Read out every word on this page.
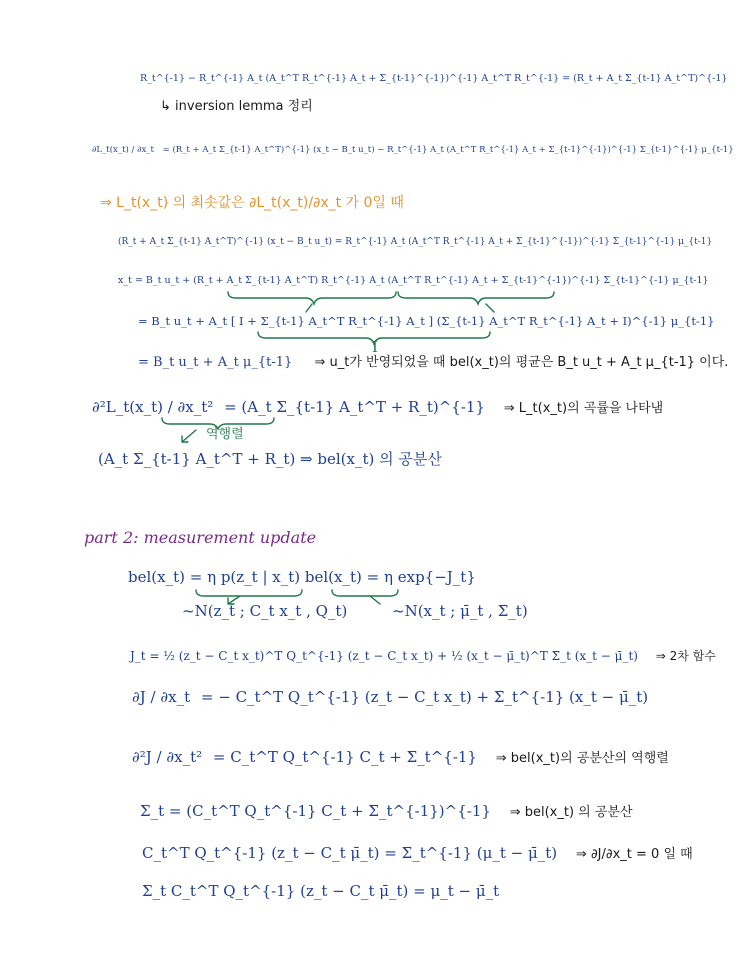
R_t^{-1} − R_t^{-1} A_t (A_t^T R_t^{-1} A_t + Σ_{t-1}^{-1})^{-1} A_t^T R_t^{-1} = (R_t + A_t Σ_{t-1} A_t^T)^{-1}
↳ inversion lemma 정리
∂L_t(x_t) / ∂x_t = (R_t + A_t Σ_{t-1} A_t^T)^{-1} (x_t − B_t u_t) − R_t^{-1} A_t (A_t^T R_t^{-1} A_t + Σ_{t-1}^{-1})^{-1} Σ_{t-1}^{-1} μ_{t-1}
⇒ L_t(x_t) 의 최솟값은 ∂L_t(x_t)/∂x_t 가 0일 때
(R_t + A_t Σ_{t-1} A_t^T)^{-1} (x_t − B_t u_t) = R_t^{-1} A_t (A_t^T R_t^{-1} A_t + Σ_{t-1}^{-1})^{-1} Σ_{t-1}^{-1} μ_{t-1}
x_t = B_t u_t + (R_t + A_t Σ_{t-1} A_t^T) R_t^{-1} A_t (A_t^T R_t^{-1} A_t + Σ_{t-1}^{-1})^{-1} Σ_{t-1}^{-1} μ_{t-1}
= B_t u_t + A_t [ I + Σ_{t-1} A_t^T R_t^{-1} A_t ] (Σ_{t-1} A_t^T R_t^{-1} A_t + I)^{-1} μ_{t-1}
I
= B_t u_t + A_t μ_{t-1} ⇒ u_t가 반영되었을 때 bel(x_t)의 평균은 B_t u_t + A_t μ_{t-1} 이다.
∂²L_t(x_t) / ∂x_t² = (A_t Σ_{t-1} A_t^T + R_t)^{-1} ⇒ L_t(x_t)의 곡률을 나타냄
역행렬
(A_t Σ_{t-1} A_t^T + R_t) ⇒ bel(x_t) 의 공분산
part 2: measurement update
bel(x_t) = η p(z_t | x_t) bel(x_t) = η exp{−J_t}
~N(z_t ; C_t x_t , Q_t)	~N(x_t ; μ̄_t , Σ̄_t)
J_t = ½ (z_t − C_t x_t)^T Q_t^{-1} (z_t − C_t x_t) + ½ (x_t − μ̄_t)^T Σ̄_t (x_t − μ̄_t) ⇒ 2차 함수
∂J / ∂x_t = − C_t^T Q_t^{-1} (z_t − C_t x_t) + Σ̄_t^{-1} (x_t − μ̄_t)
∂²J / ∂x_t² = C_t^T Q_t^{-1} C_t + Σ̄_t^{-1} ⇒ bel(x_t)의 공분산의 역행렬
Σ_t = (C_t^T Q_t^{-1} C_t + Σ̄_t^{-1})^{-1} ⇒ bel(x_t) 의 공분산
C_t^T Q_t^{-1} (z_t − C_t μ̄_t) = Σ̄_t^{-1} (μ_t − μ̄_t) ⇒ ∂J/∂x_t = 0 일 때
Σ_t C_t^T Q_t^{-1} (z_t − C_t μ̄_t) = μ_t − μ̄_t
